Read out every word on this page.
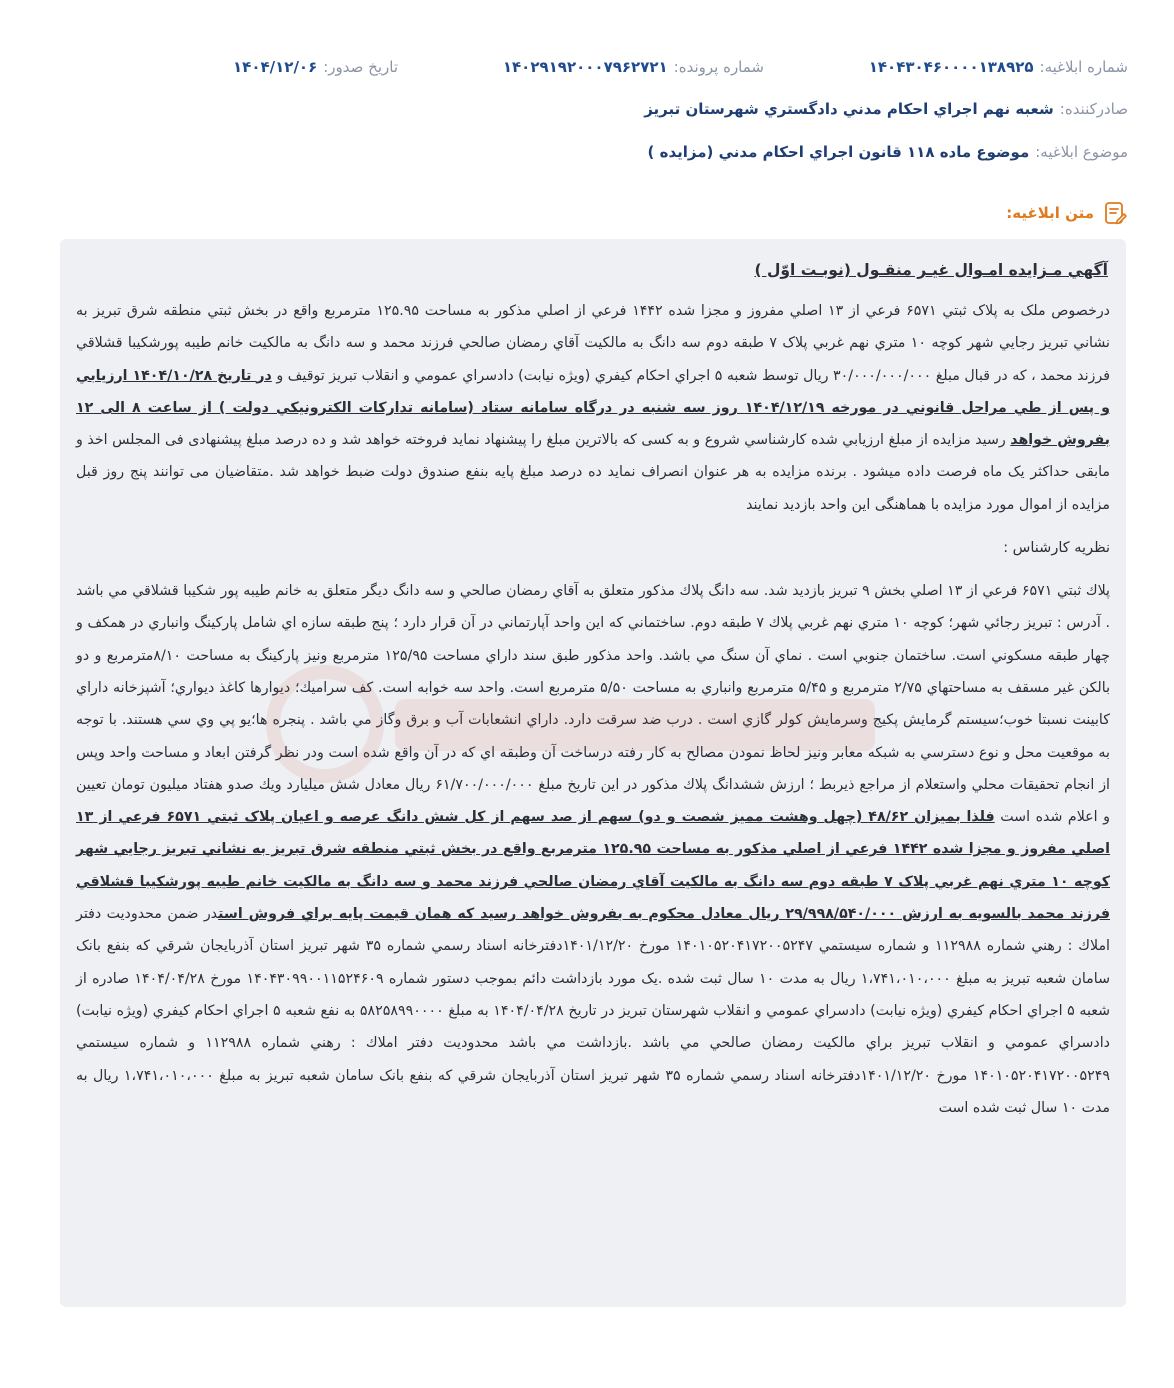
شماره ابلاغیه:۱۴۰۴۳۰۴۶۰۰۰۰۱۳۸۹۲۵
شماره پرونده:۱۴۰۲۹۱۹۲۰۰۰۷۹۶۲۷۲۱
تاریخ صدور:۱۴۰۴/۱۲/۰۶
صادرکننده:شعبه نهم اجراي احكام مدني دادگستري شهرستان تبريز
موضوع ابلاغیه:موضوع ماده ۱۱۸ قانون اجراي احكام مدني (مزايده )
متن ابلاغیه:
آگهي مـزايده امـوال غيـر منقـول (نوبـت اوّل )

درخصوص ملک به پلاک ثبتي ۶۵۷۱ فرعي از ۱۳ اصلي مفروز و مجزا شده ۱۴۴۲ فرعي از اصلي مذكور به مساحت ۱۲۵.۹۵ مترمربع واقع در بخش ثبتي منطقه شرق تبريز به نشاني تبريز رجايي شهر کوچه ۱۰ متري نهم غربي پلاک ۷ طبقه دوم سه دانگ به مالكيت آقاي رمضان صالحي فرزند محمد و سه دانگ به مالكيت خانم طيبه پورشكيبا قشلاقي فرزند محمد ، كه در قبال مبلغ ۳۰/۰۰۰/۰۰۰/۰۰۰ ريال توسط شعبه ۵ اجراي احكام كيفري (ويژه نيابت) دادسراي عمومي و انقلاب تبريز توقيف و در تاريخ ۱۴۰۴/۱۰/۲۸ ارزيابي و پس از طي مراحل قانوني در مورخه ۱۴۰۴/۱۲/۱۹ روز سه شنبه در درگاه سامانه ستاد (سامانه تداركات الكترونيكي دولت ) از ساعت ۸ الی ۱۲ بفروش خواهد رسيد مزايده از مبلغ ارزيابي شده كارشناسي شروع و به كسی كه بالاترين مبلغ را پيشنهاد نمايد فروخته خواهد شد و ده درصد مبلغ پيشنهادی فی المجلس اخذ و مابقی حداكثر يک ماه فرصت داده ميشود . برنده مزايده به هر عنوان انصراف نمايد ده درصد مبلغ پايه بنفع صندوق دولت ضبط خواهد شد .متقاضيان می توانند پنج روز قبل مزايده از اموال مورد مزايده با هماهنگی اين واحد بازديد نمايند

نظريه كارشناس :

پلاك ثبتي ۶۵۷۱ فرعي از ۱۳ اصلي بخش ۹ تبريز بازديد شد. سه دانگ پلاك مذكور متعلق به آقاي رمضان صالحي و سه دانگ ديگر متعلق به خانم طيبه پور شكيبا قشلاقي مي باشد . آدرس : تبريز رجائي شهر؛ كوچه ۱۰ متري نهم غربي پلاك ۷ طبقه دوم. ساختماني كه اين واحد آپارتماني در آن قرار دارد ؛ پنج طبقه سازه اي شامل پاركينگ وانباري در همكف و چهار طبقه مسكوني است. ساختمان جنوبي است . نماي آن سنگ مي باشد. واحد مذكور طبق سند داراي مساحت ۱۲۵/۹۵ مترمربع ونيز پاركينگ به مساحت ۸/۱۰مترمربع و دو بالكن غير مسقف به مساحتهاي ۲/۷۵ مترمربع و ۵/۴۵ مترمربع وانباري به مساحت ۵/۵۰ مترمربع است. واحد سه خوابه است. كف سراميك؛ ديوارها كاغذ ديواري؛ آشپزخانه داراي كابينت نسبتا خوب؛سيستم گرمايش پكيج وسرمايش كولر گازي است . درب ضد سرقت دارد. داراي انشعابات آب و برق وگاز مي باشد . پنجره ها؛يو پي وي سي هستند. با توجه به موقعيت محل و نوع دسترسي به شبكه معابر ونيز لحاظ نمودن مصالح به كار رفته درساخت آن وطبقه اي كه در آن واقع شده است ودر نظر گرفتن ابعاد و مساحت واحد وپس از انجام تحقيقات محلي واستعلام از مراجع ذيربط ؛ ارزش ششدانگ پلاك مذكور در اين تاريخ مبلغ ۶۱/۷۰۰/۰۰۰/۰۰۰ ريال معادل شش ميليارد ويك صدو هفتاد ميليون تومان تعيين و اعلام شده است فلذا بميزان ۴۸/۶۲ (چهل وهشت مميز شصت و دو) سهم از صد سهم از كل شش دانگ عرصه و اعيان پلاک ثبتي ۶۵۷۱ فرعي از ۱۳ اصلي مفروز و مجزا شده ۱۴۴۲ فرعي از اصلي مذكور به مساحت ۱۲۵.۹۵ مترمربع واقع در بخش ثبتي منطقه شرق تبريز به نشاني تبريز رجايي شهر کوچه ۱۰ متري نهم غربي پلاک ۷ طبقه دوم سه دانگ به مالكيت آقاي رمضان صالحي فرزند محمد و سه دانگ به مالكيت خانم طيبه پورشكيبا قشلاقي فرزند محمد بالسويه به ارزش ۲۹/۹۹۸/۵۴۰/۰۰۰ ريال معادل محكوم به بفروش خواهد رسيد كه همان قيمت پايه براي فروش استدر ضمن محدوديت دفتر املاك : رهني شماره ۱۱۲۹۸۸ و شماره سيستمي ۱۴۰۱۰۵۲۰۴۱۷۲۰۰۵۲۴۷ مورخ ۱۴۰۱/۱۲/۲۰دفترخانه اسناد رسمي شماره ۳۵ شهر تبريز استان آذربايجان شرقي كه بنفع بانک سامان شعبه تبريز به مبلغ ۱،۷۴۱،۰۱۰،۰۰۰ ريال به مدت ۱۰ سال ثبت شده .يک مورد بازداشت دائم بموجب دستور شماره ۱۴۰۴۳۰۹۹۰۰۱۱۵۲۴۶۰۹ مورخ ۱۴۰۴/۰۴/۲۸ صادره از شعبه ۵ اجراي احكام كيفري (ويژه نيابت) دادسراي عمومي و انقلاب شهرستان تبريز در تاريخ ۱۴۰۴/۰۴/۲۸ به مبلغ ۵۸۲۵۸۹۹۰۰۰۰ به نفع شعبه ۵ اجراي احكام كيفري (ويژه نيابت) دادسراي عمومي و انقلاب تبريز براي مالكيت رمضان صالحي مي باشد .بازداشت مي باشد محدوديت دفتر املاك : رهني شماره ۱۱۲۹۸۸ و شماره سيستمي ۱۴۰۱۰۵۲۰۴۱۷۲۰۰۵۲۴۹ مورخ ۱۴۰۱/۱۲/۲۰دفترخانه اسناد رسمي شماره ۳۵ شهر تبريز استان آذربايجان شرقي كه بنفع بانک سامان شعبه تبريز به مبلغ ۱،۷۴۱،۰۱۰،۰۰۰ ريال به مدت ۱۰ سال ثبت شده است
